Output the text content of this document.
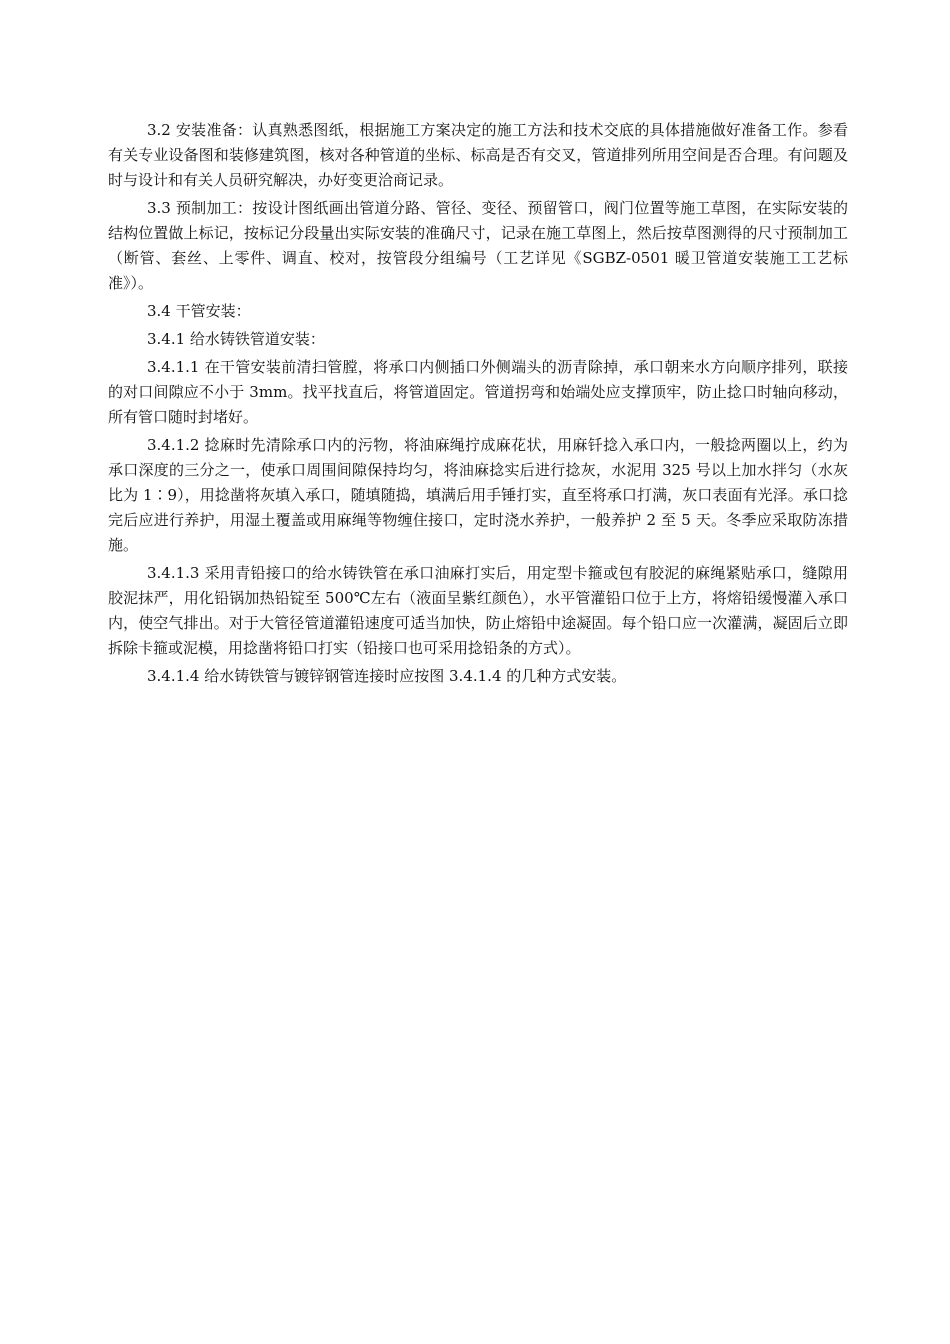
3.2 安装准备：认真熟悉图纸，根据施工方案决定的施工方法和技术交底的具体措施做好准备工作。参看有关专业设备图和装修建筑图，核对各种管道的坐标、标高是否有交叉，管道排列所用空间是否合理。有问题及时与设计和有关人员研究解决，办好变更洽商记录。

3.3 预制加工：按设计图纸画出管道分路、管径、变径、预留管口，阀门位置等施工草图，在实际安装的结构位置做上标记，按标记分段量出实际安装的准确尺寸，记录在施工草图上，然后按草图测得的尺寸预制加工（断管、套丝、上零件、调直、校对，按管段分组编号（工艺详见《SGBZ-0501 暖卫管道安装施工工艺标准》）。

3.4 干管安装：

3.4.1 给水铸铁管道安装：

3.4.1.1 在干管安装前清扫管膛，将承口内侧插口外侧端头的沥青除掉，承口朝来水方向顺序排列，联接的对口间隙应不小于 3mm。找平找直后，将管道固定。管道拐弯和始端处应支撑顶牢，防止捻口时轴向移动，所有管口随时封堵好。

3.4.1.2 捻麻时先清除承口内的污物，将油麻绳拧成麻花状，用麻钎捻入承口内，一般捻两圈以上，约为承口深度的三分之一，使承口周围间隙保持均匀，将油麻捻实后进行捻灰，水泥用 325 号以上加水拌匀（水灰比为 1∶9），用捻凿将灰填入承口，随填随捣，填满后用手锤打实，直至将承口打满，灰口表面有光泽。承口捻完后应进行养护，用湿土覆盖或用麻绳等物缠住接口，定时浇水养护，一般养护 2 至 5 天。冬季应采取防冻措施。

3.4.1.3 采用青铅接口的给水铸铁管在承口油麻打实后，用定型卡箍或包有胶泥的麻绳紧贴承口，缝隙用胶泥抹严，用化铅锅加热铅锭至 500℃左右（液面呈紫红颜色），水平管灌铅口位于上方，将熔铅缓慢灌入承口内，使空气排出。对于大管径管道灌铅速度可适当加快，防止熔铅中途凝固。每个铅口应一次灌满，凝固后立即拆除卡箍或泥模，用捻凿将铅口打实（铅接口也可采用捻铅条的方式）。

3.4.1.4 给水铸铁管与镀锌钢管连接时应按图 3.4.1.4 的几种方式安装。
